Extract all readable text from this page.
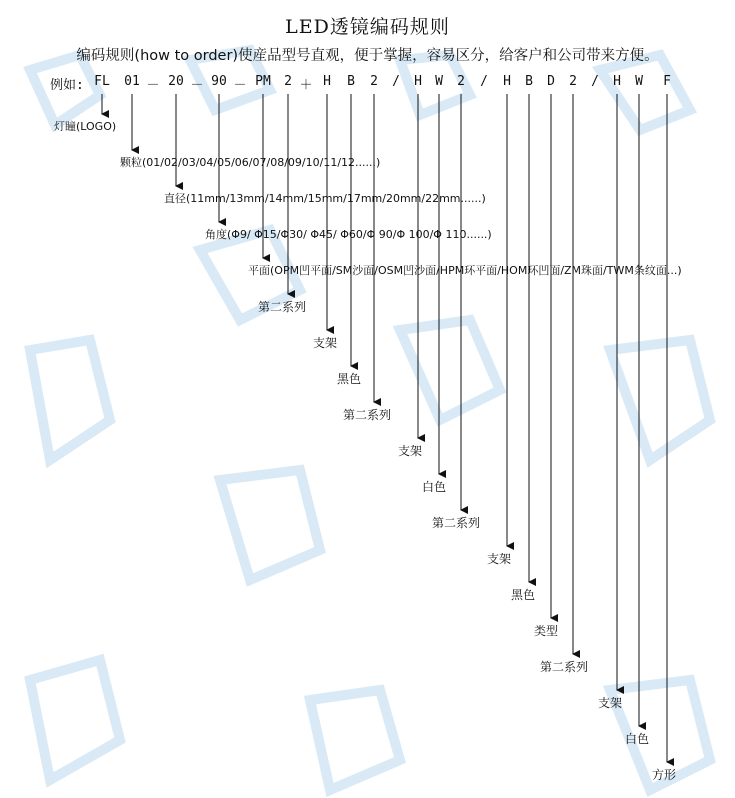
LED透镜编码规则
编码规则(how to order)使産品型号直观，便于掌握，容易区分，给客户和公司带来方便。
例如: FL 01 － 20 － 90 － PM 2 ＋ H B 2 / H W 2 / H B D 2 / H W F
灯瞳(LOGO)
颗粒(01/02/03/04/05/06/07/08/09/10/11/12......)
直径(11mm/13mm/14mm/15mm/17mm/20mm/22mm......)
角度(Φ9/ Φ15/Φ30/ Φ45/ Φ60/Φ 90/Φ 100/Φ 110......)
平面(OPM凹平面/SM沙面/OSM凹沙面/HPM环平面/HOM环凹面/ZM珠面/TWM条纹面...)
第二系列
支架
黑色
第二系列
支架
白色
第二系列
支架
黑色
类型
第二系列
支架
白色
方形
